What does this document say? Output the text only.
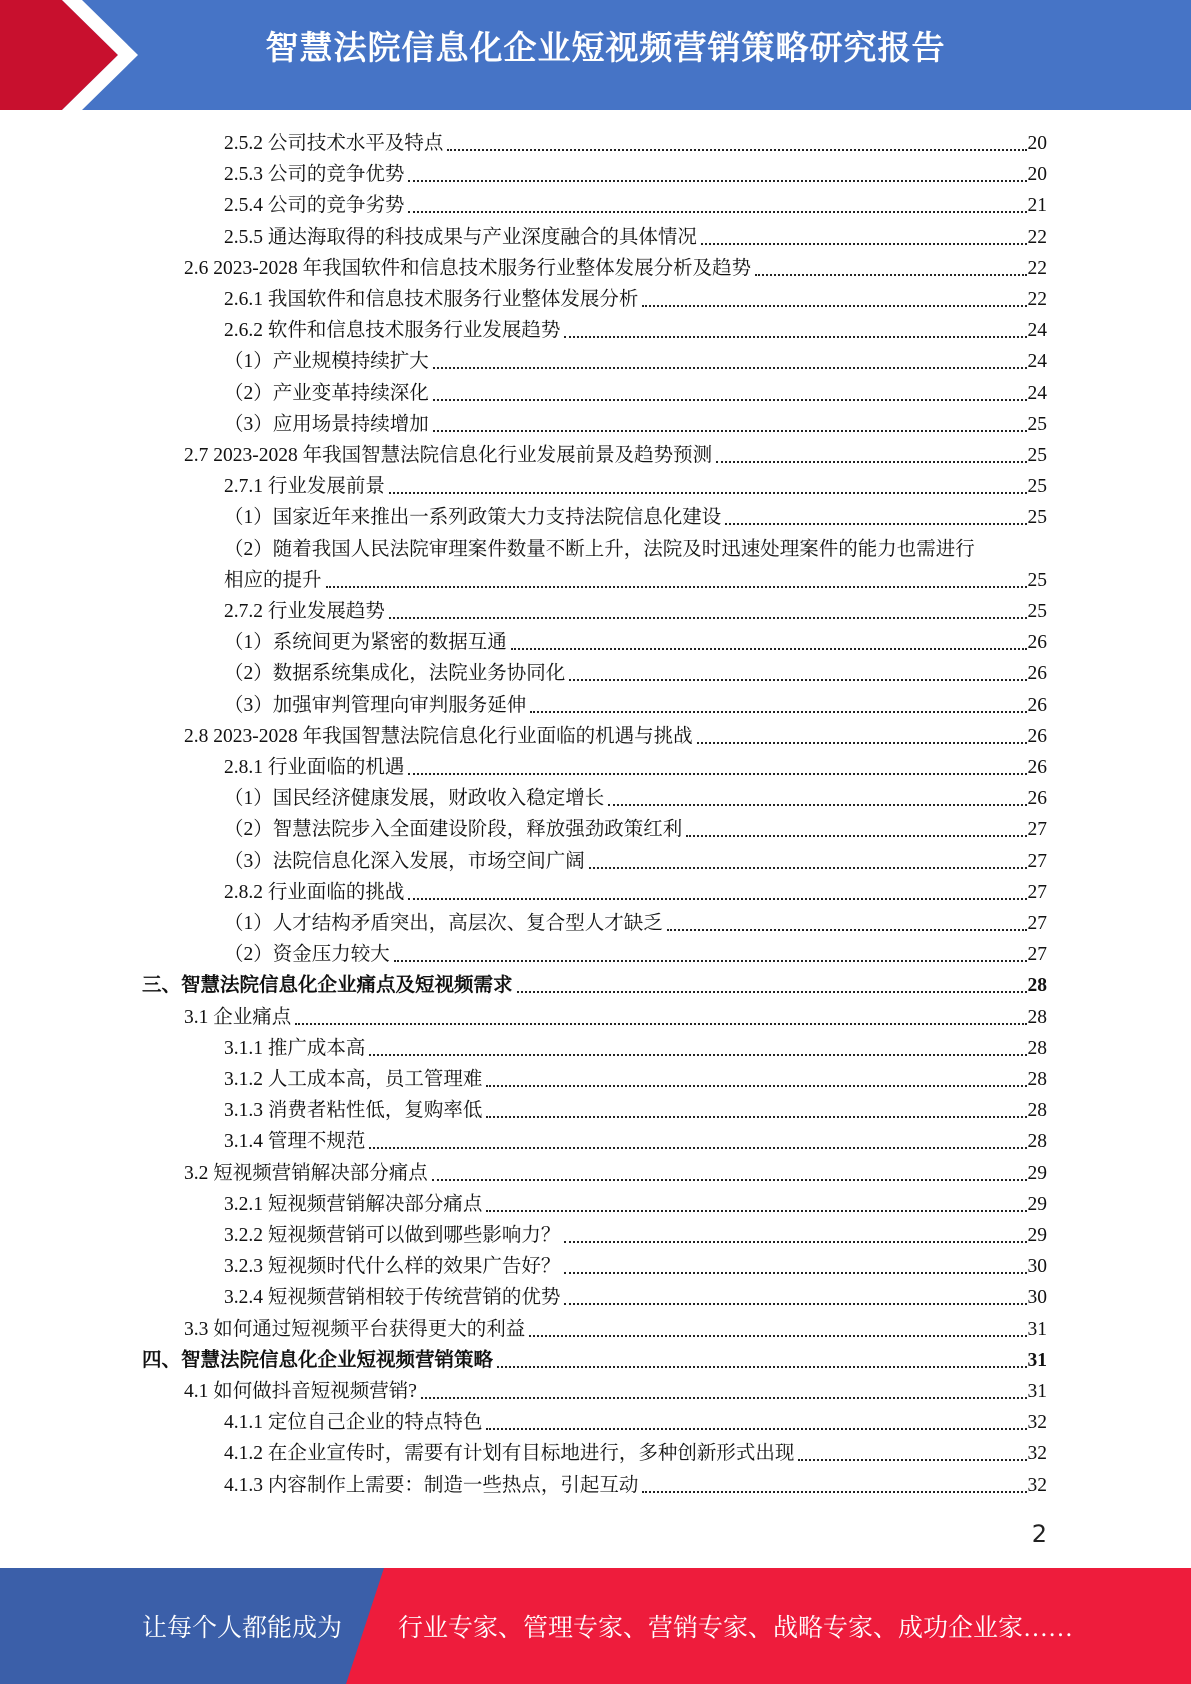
智慧法院信息化企业短视频营销策略研究报告
2.5.2 公司技术水平及特点	20
2.5.3 公司的竞争优势	20
2.5.4 公司的竞争劣势	21
2.5.5 通达海取得的科技成果与产业深度融合的具体情况	22
2.6 2023-2028 年我国软件和信息技术服务行业整体发展分析及趋势	22
2.6.1 我国软件和信息技术服务行业整体发展分析	22
2.6.2 软件和信息技术服务行业发展趋势	24
（1）产业规模持续扩大	24
（2）产业变革持续深化	24
（3）应用场景持续增加	25
2.7 2023-2028 年我国智慧法院信息化行业发展前景及趋势预测	25
2.7.1 行业发展前景	25
（1）国家近年来推出一系列政策大力支持法院信息化建设	25
（2）随着我国人民法院审理案件数量不断上升，法院及时迅速处理案件的能力也需进行
相应的提升	25
2.7.2 行业发展趋势	25
（1）系统间更为紧密的数据互通	26
（2）数据系统集成化，法院业务协同化	26
（3）加强审判管理向审判服务延伸	26
2.8 2023-2028 年我国智慧法院信息化行业面临的机遇与挑战	26
2.8.1 行业面临的机遇	26
（1）国民经济健康发展，财政收入稳定增长	26
（2）智慧法院步入全面建设阶段，释放强劲政策红利	27
（3）法院信息化深入发展，市场空间广阔	27
2.8.2 行业面临的挑战	27
（1）人才结构矛盾突出，高层次、复合型人才缺乏	27
（2）资金压力较大	27
三、智慧法院信息化企业痛点及短视频需求	28
3.1 企业痛点	28
3.1.1 推广成本高	28
3.1.2 人工成本高，员工管理难	28
3.1.3 消费者粘性低，复购率低	28
3.1.4 管理不规范	28
3.2 短视频营销解决部分痛点	29
3.2.1 短视频营销解决部分痛点	29
3.2.2 短视频营销可以做到哪些影响力？	29
3.2.3 短视频时代什么样的效果广告好？	30
3.2.4 短视频营销相较于传统营销的优势	30
3.3 如何通过短视频平台获得更大的利益	31
四、智慧法院信息化企业短视频营销策略	31
4.1 如何做抖音短视频营销?	31
4.1.1 定位自己企业的特点特色	32
4.1.2 在企业宣传时，需要有计划有目标地进行，多种创新形式出现	32
4.1.3 内容制作上需要：制造一些热点，引起互动	32
2
让每个人都能成为 行业专家、管理专家、营销专家、战略专家、成功企业家……
